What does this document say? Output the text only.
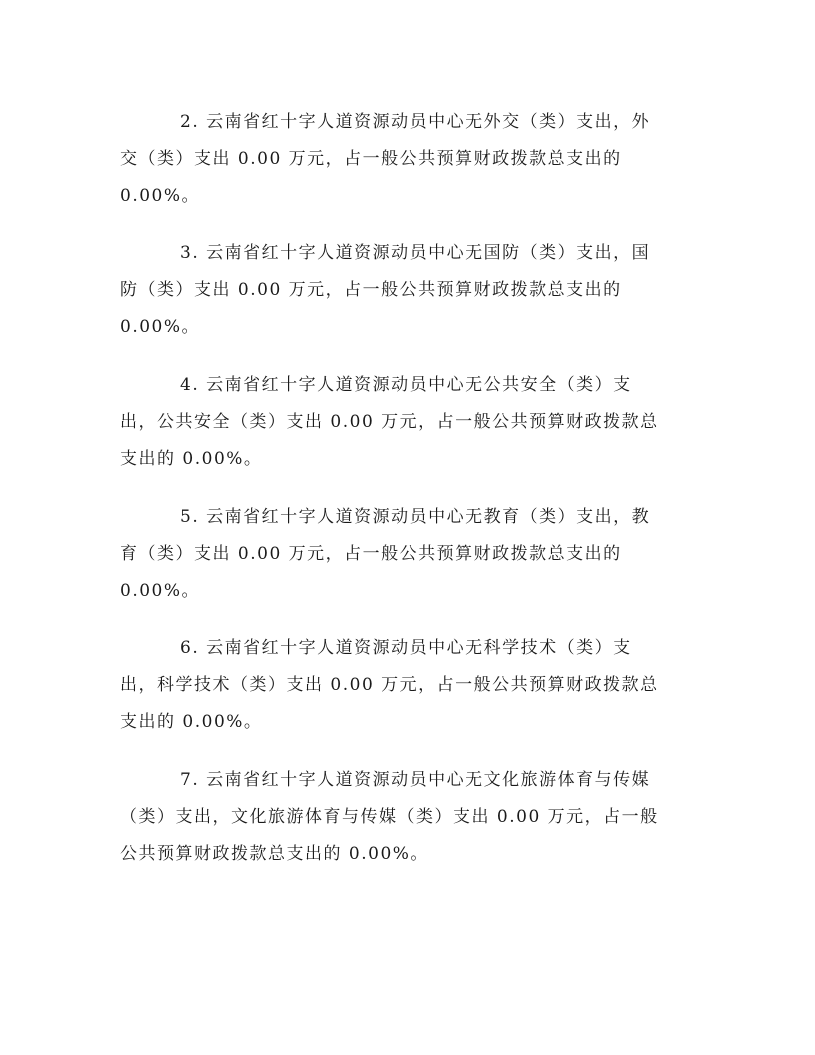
2. 云南省红十字人道资源动员中心无外交（类）支出，外
交（类）支出 0.00 万元，占一般公共预算财政拨款总支出的
0.00%。
3. 云南省红十字人道资源动员中心无国防（类）支出，国
防（类）支出 0.00 万元，占一般公共预算财政拨款总支出的
0.00%。
4. 云南省红十字人道资源动员中心无公共安全（类）支
出，公共安全（类）支出 0.00 万元，占一般公共预算财政拨款总
支出的 0.00%。
5. 云南省红十字人道资源动员中心无教育（类）支出，教
育（类）支出 0.00 万元，占一般公共预算财政拨款总支出的
0.00%。
6. 云南省红十字人道资源动员中心无科学技术（类）支
出，科学技术（类）支出 0.00 万元，占一般公共预算财政拨款总
支出的 0.00%。
7. 云南省红十字人道资源动员中心无文化旅游体育与传媒
（类）支出，文化旅游体育与传媒（类）支出 0.00 万元，占一般
公共预算财政拨款总支出的 0.00%。
